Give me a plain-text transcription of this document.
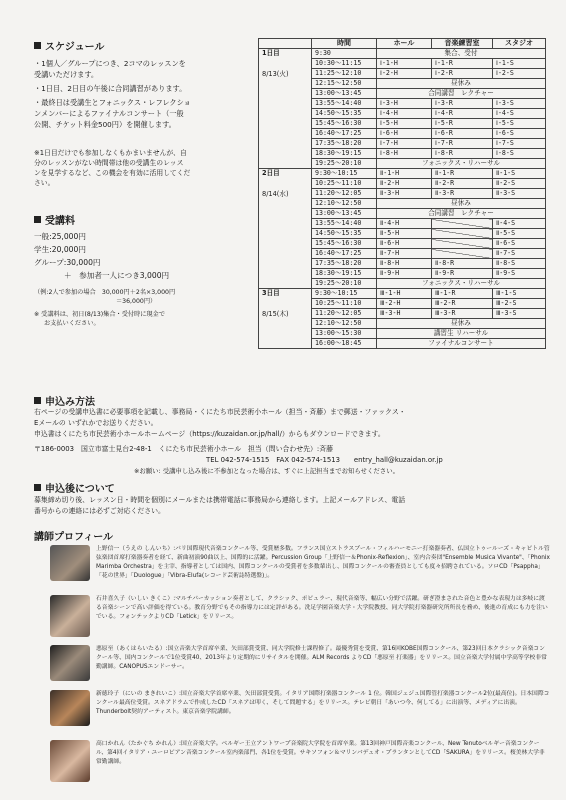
スケジュール
・1個人／グループにつき、2コマのレッスンを
受講いただけます。
・1日目、2日目の午後に合同講習があります。
・最終日は受講生とフォニックス・レフレクショ
ンメンバーによるファイナルコンサート（一般
公開、チケット料金500円）を開催します。
※1日目だけでも参加しなくもかまいませんが、自
分のレッスンがない時間帯は他の受講生のレッス
ンを見学するなど、この機会を有効に活用してくだ
さい。
受講料
一般:25,000円
学生:20,000円
グループ:30,000円
＋　参加者一人につき3,000円
（例:2人で参加の場合　30,000円＋2名×3,000円
＝36,000円）
※ 受講料は、初日(8/13)集合・受付時に現金で
お支払いください。
	時間	ホール	音楽練習室	スタジオ

1日目
8/13(火)	9:30	集合、受付		
	10:30～11:15	Ⅰ-1-H	Ⅰ-1-R	Ⅰ-1-S
	11:25～12:10	Ⅰ-2-H	Ⅰ-2-R	Ⅰ-2-S
	12:15～12:50	昼休み		
	13:00～13:45	合同講習　レクチャー		
	13:55～14:40	Ⅰ-3-H	Ⅰ-3-R	Ⅰ-3-S
	14:50～15:35	Ⅰ-4-H	Ⅰ-4-R	Ⅰ-4-S
	15:45～16:30	Ⅰ-5-H	Ⅰ-5-R	Ⅰ-5-S
	16:40～17:25	Ⅰ-6-H	Ⅰ-6-R	Ⅰ-6-S
	17:35～18:20	Ⅰ-7-H	Ⅰ-7-R	Ⅰ-7-S
	18:30～19:15	Ⅰ-8-H	Ⅰ-8-R	Ⅰ-8-S
	19:25～20:10	フォニックス・リハーサル		

2日目
8/14(水)	9:30～10:15	Ⅱ-1-H	Ⅱ-1-R	Ⅱ-1-S
	10:25～11:10	Ⅱ-2-H	Ⅱ-2-R	Ⅱ-2-S
	11:20～12:05	Ⅱ-3-H	Ⅱ-3-R	Ⅱ-3-S
	12:10～12:50	昼休み		
	13:00～13:45	合同講習　レクチャー		
	13:55～14:40	Ⅱ-4-H		Ⅱ-4-S
	14:50～15:35	Ⅱ-5-H		Ⅱ-5-S
	15:45～16:30	Ⅱ-6-H		Ⅱ-6-S
	16:40～17:25	Ⅱ-7-H		Ⅱ-7-S
	17:35～18:20	Ⅱ-8-H	Ⅱ-8-R	Ⅱ-8-S
	18:30～19:15	Ⅱ-9-H	Ⅱ-9-R	Ⅱ-9-S
	19:25～20:10	フォニックス・リハーサル		

3日目
8/15(木)	9:30～10:15	Ⅲ-1-H	Ⅲ-1-R	Ⅲ-1-S
	10:25～11:10	Ⅲ-2-H	Ⅲ-2-R	Ⅲ-2-S
	11:20～12:05	Ⅲ-3-H	Ⅲ-3-R	Ⅲ-3-S
	12:10～12:50	昼休み		
	13:00～15:30	講習生 リハーサル		
	16:00～18:45	ファイナルコンサート		
申込み方法
右ページの受講申込書に必要事項を記載し、事務局・くにたち市民芸術小ホール（担当・斉藤）まで郵送・ファックス・
Eメールの いずれかでお送りください。
申込書はくにたち市民芸術小ホールホームページ（https://kuzaidan.or.jp/hall/）からもダウンロードできます。
〒186-0003　国立市富士見台2-48-1　くにたち市民芸術小ホール　担当（問い合わせ先）:斉藤
TEL 042-574-1515　FAX 042-574-1513　　entry_hall@kuzaidan.or.jp
※お願い: 受講申し込み後に不参加となった場合は、すぐに上記担当までお知らせください。
申込後について
募集締め切り後、レッスン日・時間を個別にメールまたは携帯電話に事務局から連絡します。上記メールアドレス、電話
番号からの連絡には必ずご対応ください。
講師プロフィール
上野信一（うえの しんいち）:パリ国際現代音楽コンクール等、受賞歴多数。フランス国立ストラスブール・フィルハーモニー打楽器奏者、仏国立トゥールーズ・キャピトル管弦楽団首席打楽器奏者を経て、新曲初演90曲以上、国際的に活躍。Percussion Group「上野信一＆Phonix-Reflexion」、室内合奏団"Ensemble Musica Vivante"、「Phonix Marimba Orchestra」を主宰、指導者としては国内、国際コンクールの受賞者を多数輩出し、国際コンクールの審査員としても度々招聘されている。ソロCD「Psappha」「花の世界」「Duologue」「Vibra-Elufa(レコード芸術誌特選盤)」。
石井喜久子（いしい きくこ）:マルチパーカッション奏者として、クラシック、ポピュラー、現代音楽等、幅広い分野で活躍。研ぎ澄まされた音色と豊かな表現力は多岐に渡る音楽シーンで高い評価を得ている。教育分野でもその指導力には定評がある。洗足学園音楽大学・大学院教授、同大学院打楽器研究所所長を務め、後進の育成にも力を注いでいる。フォンテックよりCD「Letick」をリリース。
悪原至（あくはらいたる）:国立音楽大学首席卒業、矢田部賞受賞、同大学院修士課程修了。最優秀賞を受賞、第16回KOBE国際コンクール、第23回日本クラシック音楽コンクール等、国内コンクールで1位受賞40、2013年より定期的にリサイタルを開催。ALM Records よりCD「悪原至 打楽器」をリリース。国立音楽大学付属中学高等学校非常勤講師。CANOPUSエンドーサー。
新徳玲子（にいの まきれいこ）:国立音楽大学首席卒業、矢田部賞受賞。イタリア国際打楽器コンクール 1 位。韓国ジェジュ国際管打楽器コンクール2位(最高位)。日本国際コンクール最高位受賞。スネアドラムで作成したCD「スネアは叩く、そして問題する」をリリース。テレビ朝日「あいつ今、何してる」に出演等、メディアに出演。Thunderbolt契約アーティスト。東京音楽学院講師。
高口かれん（たかぐち かれん）:国立音楽大学。ベルギー王立アントワープ音楽院大学院を首席卒業。第13回神戸国際音楽コンクール、New Tenutoベルギー音楽コンクール、第4回イタリア・ユーロピアン音楽コンクール室内楽部門、各1位を受賞。サキソフォン＆マリンバデュオ・プランタンとしてCD「SAKURA」をリリース。桜美林大学非常勤講師。
